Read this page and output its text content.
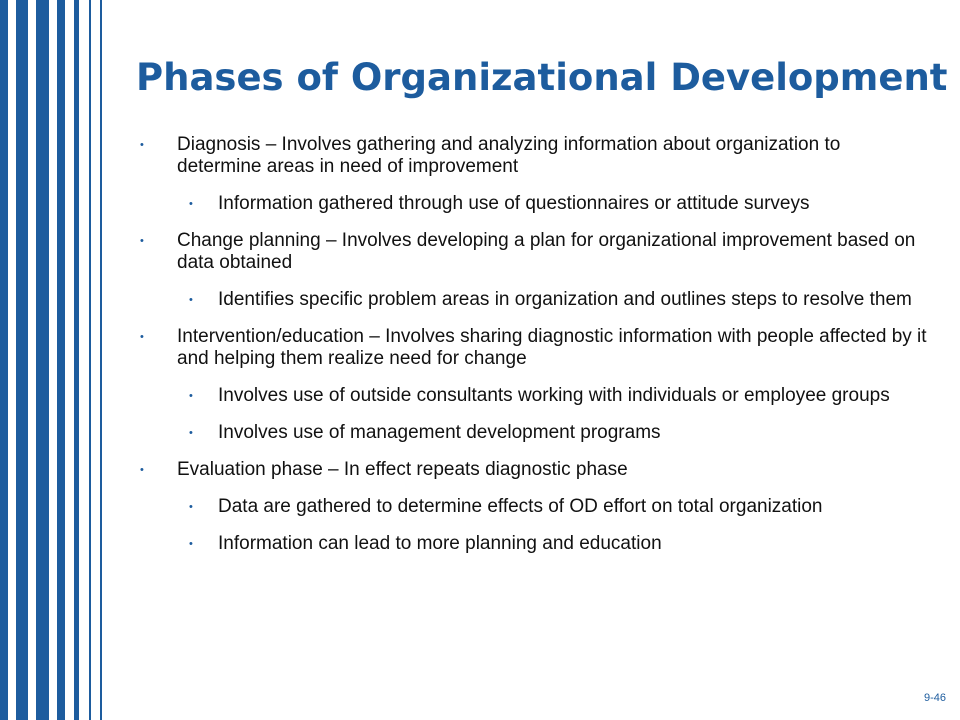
Phases of Organizational Development
• Diagnosis – Involves gathering and analyzing information about organization to determine areas in need of improvement
• Information gathered through use of questionnaires or attitude surveys
• Change planning – Involves developing a plan for organizational improvement based on data obtained
• Identifies specific problem areas in organization and outlines steps to resolve them
• Intervention/education – Involves sharing diagnostic information with people affected by it and helping them realize need for change
• Involves use of outside consultants working with individuals or employee groups
• Involves use of management development programs
• Evaluation phase – In effect repeats diagnostic phase
• Data are gathered to determine effects of OD effort on total organization
• Information can lead to more planning and education
9-46
